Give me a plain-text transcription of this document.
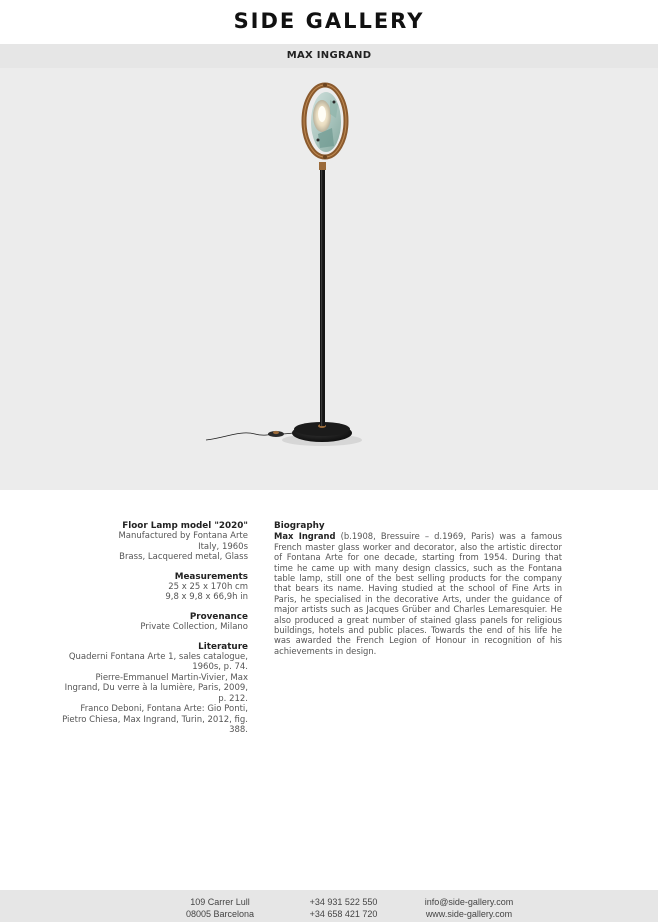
SIDE GALLERY
MAX INGRAND

Floor Lamp model "2020"

Manufactured by Fontana Arte

Italy, 1960s

Brass, Lacquered metal, Glass

Measurements

25 x 25 x 170h cm

9,8 x 9,8 x 66,9h in

Provenance

Private Collection, Milano

Literature

Quaderni Fontana Arte 1, sales catalogue, 1960s, p. 74.

Pierre-Emmanuel Martin-Vivier, Max Ingrand, Du verre à la lumière, Paris, 2009, p. 212.

Franco Deboni, Fontana Arte: Gio Ponti, Pietro Chiesa, Max Ingrand, Turin, 2012, fig. 388.

Biography

Max Ingrand (b.1908, Bressuire – d.1969, Paris) was a famous French master glass worker and decorator, also the artistic director of Fontana Arte for one decade, starting from 1954. During that time he came up with many design classics, such as the Fontana table lamp, still one of the best selling products for the company that bears its name. Having studied at the school of Fine Arts in Paris, he specialised in the decorative Arts, under the guidance of major artists such as Jacques Grüber and Charles Lemaresquier. He also produced a great number of stained glass panels for religious buildings, hotels and public places. Towards the end of his life he was awarded the French Legion of Honour in recognition of his achievements in design.

109 Carrer Lull
08005 Barcelona
+34 931 522 550
+34 658 421 720
info@side-gallery.com
www.side-gallery.com
